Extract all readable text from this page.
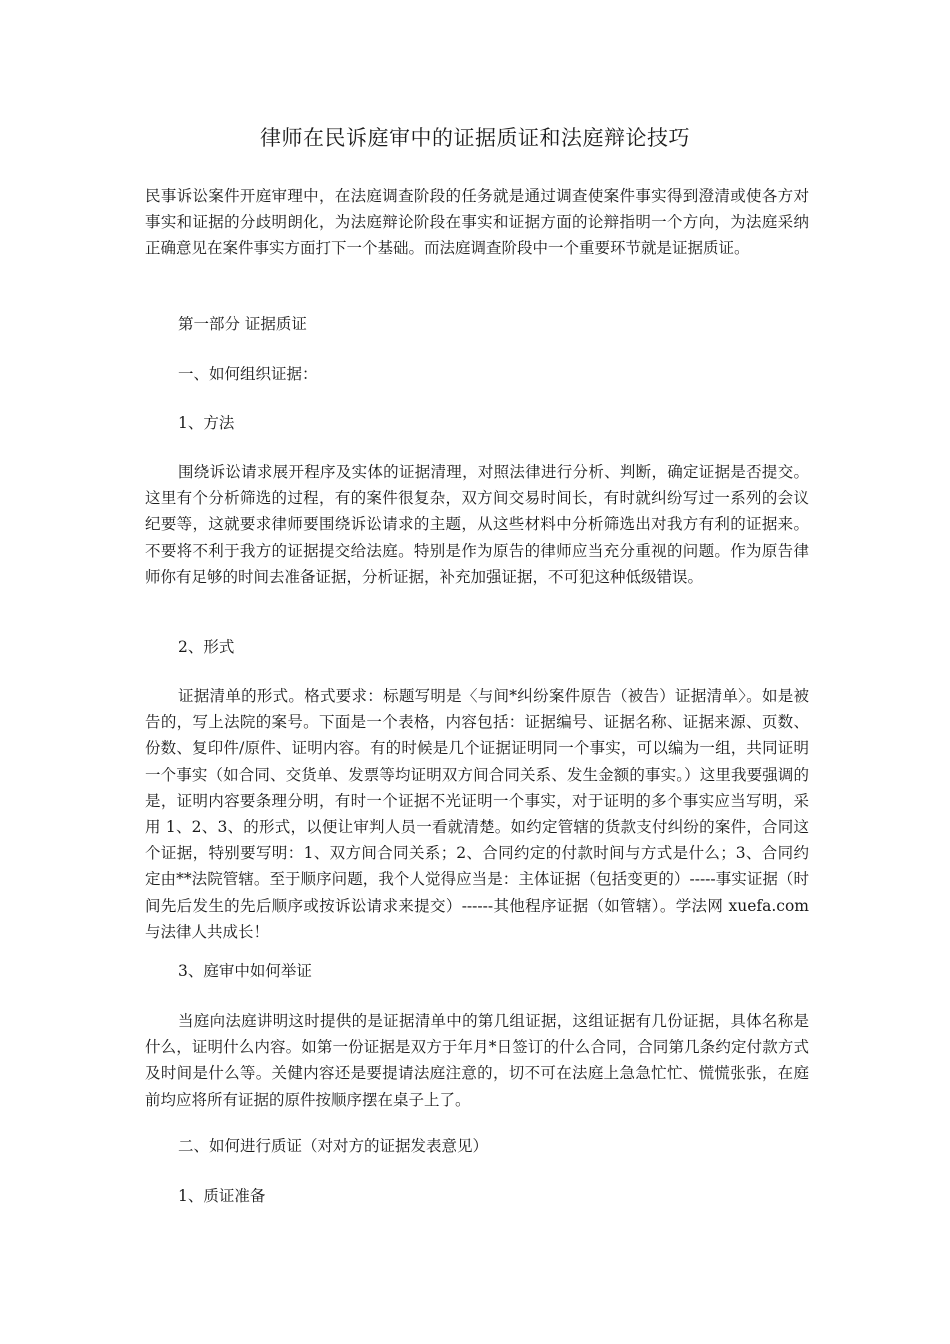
律师在民诉庭审中的证据质证和法庭辩论技巧
民事诉讼案件开庭审理中，在法庭调查阶段的任务就是通过调查使案件事实得到澄清或使各方对事实和证据的分歧明朗化，为法庭辩论阶段在事实和证据方面的论辩指明一个方向，为法庭采纳正确意见在案件事实方面打下一个基础。而法庭调查阶段中一个重要环节就是证据质证。
第一部分 证据质证
一、如何组织证据：
1、方法
围绕诉讼请求展开程序及实体的证据清理，对照法律进行分析、判断，确定证据是否提交。这里有个分析筛选的过程，有的案件很复杂，双方间交易时间长，有时就纠纷写过一系列的会议纪要等，这就要求律师要围绕诉讼请求的主题，从这些材料中分析筛选出对我方有利的证据来。不要将不利于我方的证据提交给法庭。特别是作为原告的律师应当充分重视的问题。作为原告律师你有足够的时间去准备证据，分析证据，补充加强证据，不可犯这种低级错误。
2、形式
证据清单的形式。格式要求：标题写明是〈与间*纠纷案件原告（被告）证据清单〉。如是被告的，写上法院的案号。下面是一个表格，内容包括：证据编号、证据名称、证据来源、页数、份数、复印件/原件、证明内容。有的时候是几个证据证明同一个事实，可以编为一组，共同证明一个事实（如合同、交货单、发票等均证明双方间合同关系、发生金额的事实。）这里我要强调的是，证明内容要条理分明，有时一个证据不光证明一个事实，对于证明的多个事实应当写明，采用 1、2、3、的形式，以便让审判人员一看就清楚。如约定管辖的货款支付纠纷的案件，合同这个证据，特别要写明：1、双方间合同关系；2、合同约定的付款时间与方式是什么；3、合同约定由**法院管辖。至于顺序问题，我个人觉得应当是：主体证据（包括变更的）-----事实证据（时间先后发生的先后顺序或按诉讼请求来提交）------其他程序证据（如管辖）。学法网 xuefa.com 与法律人共成长！
3、庭审中如何举证
当庭向法庭讲明这时提供的是证据清单中的第几组证据，这组证据有几份证据，具体名称是什么，证明什么内容。如第一份证据是双方于年月*日签订的什么合同，合同第几条约定付款方式及时间是什么等。关健内容还是要提请法庭注意的，切不可在法庭上急急忙忙、慌慌张张，在庭前均应将所有证据的原件按顺序摆在桌子上了。
二、如何进行质证（对对方的证据发表意见）
1、质证准备
